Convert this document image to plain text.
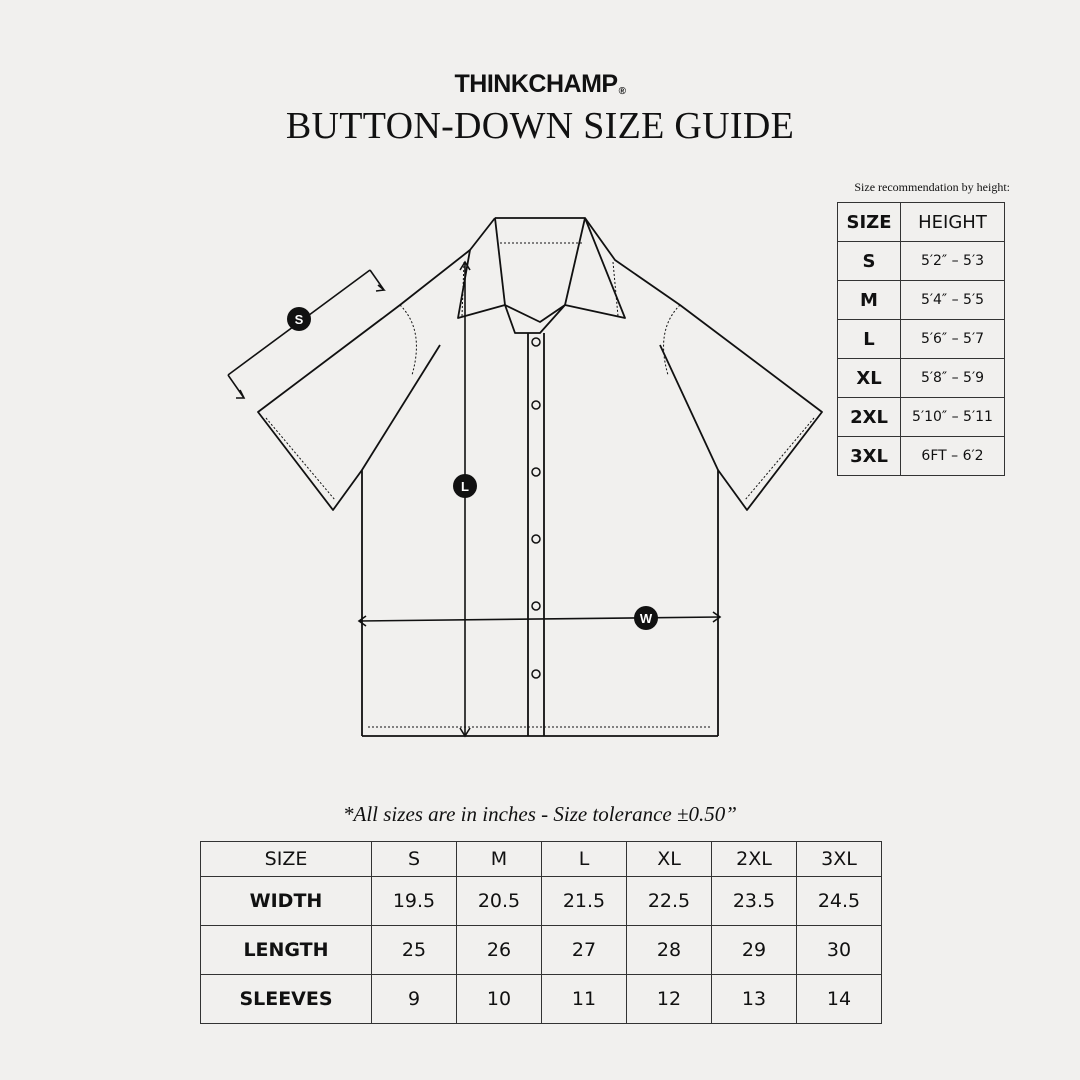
THINKCHAMP®
BUTTON-DOWN SIZE GUIDE
S
L
W
Size recommendation by height:
SIZE	HEIGHT
S	5′2″ – 5′3
M	5′4″ – 5′5
L	5′6″ – 5′7
XL	5′8″ – 5′9
2XL	5′10″ – 5′11
3XL	6FT – 6′2
*All sizes are in inches - Size tolerance ±0.50”
SIZE	S	M	L	XL	2XL	3XL
WIDTH	19.5	20.5	21.5	22.5	23.5	24.5
LENGTH	25	26	27	28	29	30
SLEEVES	9	10	11	12	13	14
